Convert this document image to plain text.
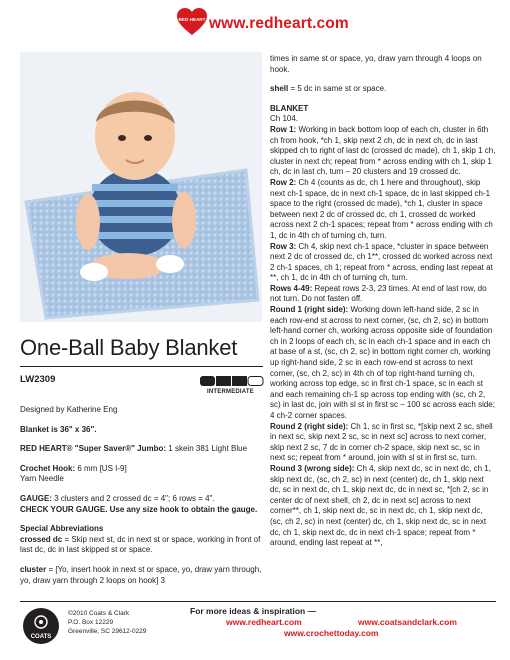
RED HEART www.redheart.com
One-Ball Baby Blanket
LW2309
INTERMEDIATE

Designed by Katherine Eng

Blanket is 36" x 36".

RED HEART® "Super Saver®" Jumbo: 1 skein 381 Light Blue

Crochet Hook: 6 mm [US I-9]
Yarn Needle

GAUGE: 3 clusters and 2 crossed dc = 4"; 6 rows = 4".
CHECK YOUR GAUGE. Use any size hook to obtain the gauge.

Special Abbreviations

crossed dc = Skip next st, dc in next st or space, working in front of last dc, dc in last skipped st or space.

cluster = [Yo, insert hook in next st or space, yo, draw yarn through, yo, draw yarn through 2 loops on hook] 3

times in same st or space, yo, draw yarn through 4 loops on hook.

shell = 5 dc in same st or space.

BLANKET

Ch 104.

Row 1: Working in back bottom loop of each ch, cluster in 6th ch from hook, *ch 1, skip next 2 ch, dc in next ch, dc in last skipped ch to right of last dc (crossed dc made), ch 1, skip 1 ch, cluster in next ch; repeat from * across ending with ch 1, skip 1 ch, dc in last ch, turn – 20 clusters and 19 crossed dc.

Row 2: Ch 4 (counts as dc, ch 1 here and throughout), skip next ch-1 space, dc in next ch-1 space, dc in last skipped ch-1 space to the right (crossed dc made), *ch 1, cluster in space between next 2 dc of crossed dc, ch 1, crossed dc worked across next 2 ch-1 spaces; repeat from * across ending with ch 1, dc in 4th ch of turning ch, turn.

Row 3: Ch 4, skip next ch-1 space, *cluster in space between next 2 dc of crossed dc, ch 1**, crossed dc worked across next 2 ch-1 spaces, ch 1; repeat from * across, ending last repeat at **, ch 1, dc in 4th ch of turning ch, turn.

Rows 4-49: Repeat rows 2-3, 23 times. At end of last row, do not turn. Do not fasten off.

Round 1 (right side): Working down left-hand side, 2 sc in each row-end st across to next corner, (sc, ch 2, sc) in bottom left-hand corner ch, working across opposite side of foundation ch in 2 loops of each ch, sc in each ch-1 space and in each ch at base of a st, (sc, ch 2, sc) in bottom right corner ch, working up right-hand side, 2 sc in each row-end st across to next corner, (sc, ch 2, sc) in 4th ch of top right-hand turning ch, working across top edge, sc in first ch-1 space, sc in each st and each remaining ch-1 sp across top ending with (sc, ch 2, sc) in last dc, join with sl st in first sc – 100 sc across each side; 4 ch-2 corner spaces.

Round 2 (right side): Ch 1, sc in first sc, *[skip next 2 sc, shell in next sc, skip next 2 sc, sc in next sc] across to next corner, skip next 2 sc, 7 dc in corner ch-2 space, skip next sc, sc in next sc; repeat from * around, join with sl st in first sc, turn.

Round 3 (wrong side): Ch 4, skip next dc, sc in next dc, ch 1, skip next dc, (sc, ch 2, sc) in next (center) dc, ch 1, skip next dc, sc in next dc, ch 1, skip next dc, dc in next sc, *[ch 2, sc in center dc of next shell, ch 2, dc in next sc] across to next corner**, ch 1, skip next dc, sc in next dc, ch 1, skip next dc, (sc, ch 2, sc) in next (center) dc, ch 1, skip next dc, sc in next dc, ch 1, skip next dc, dc in next ch-1 space; repeat from * around, ending last repeat at **,

COATS
©2010 Coats & Clark
P.O. Box 12229
Greenville, SC 29612-0229
For more ideas & inspiration —
www.redheart.com	www.coatsandclark.com
www.crochettoday.com
